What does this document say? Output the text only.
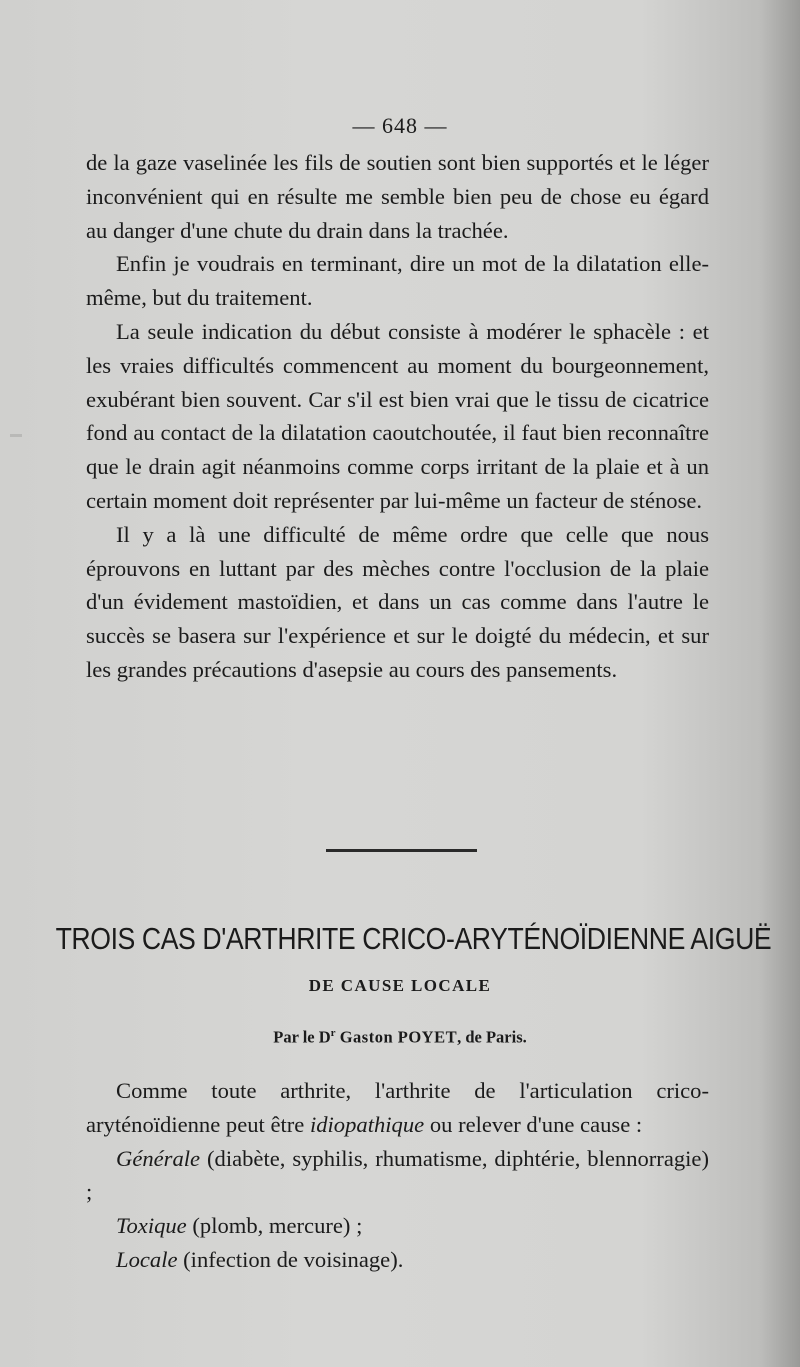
— 648 —

de la gaze vaselinée les fils de soutien sont bien supportés et le léger inconvénient qui en résulte me semble bien peu de chose eu égard au danger d'une chute du drain dans la trachée.

Enfin je voudrais en terminant, dire un mot de la dilatation elle-même, but du traitement.

La seule indication du début consiste à modérer le sphacèle : et les vraies difficultés commencent au moment du bourgeonnement, exubérant bien souvent. Car s'il est bien vrai que le tissu de cicatrice fond au contact de la dilatation caoutchoutée, il faut bien reconnaître que le drain agit néanmoins comme corps irritant de la plaie et à un certain moment doit représenter par lui-même un facteur de sténose.

Il y a là une difficulté de même ordre que celle que nous éprouvons en luttant par des mèches contre l'occlusion de la plaie d'un évidement mastoïdien, et dans un cas comme dans l'autre le succès se basera sur l'expérience et sur le doigté du médecin, et sur les grandes précautions d'asepsie au cours des pansements.

TROIS CAS D'ARTHRITE CRICO-ARYTÉNOÏDIENNE AIGUË
DE CAUSE LOCALE
Par le $D^r$ Gaston POYET, de Paris.

Comme toute arthrite, l'arthrite de l'articulation crico-aryténoïdienne peut être idiopathique ou relever d'une cause :

Générale (diabète, syphilis, rhumatisme, diphtérie, blennorragie) ;

Toxique (plomb, mercure) ;

Locale (infection de voisinage).
